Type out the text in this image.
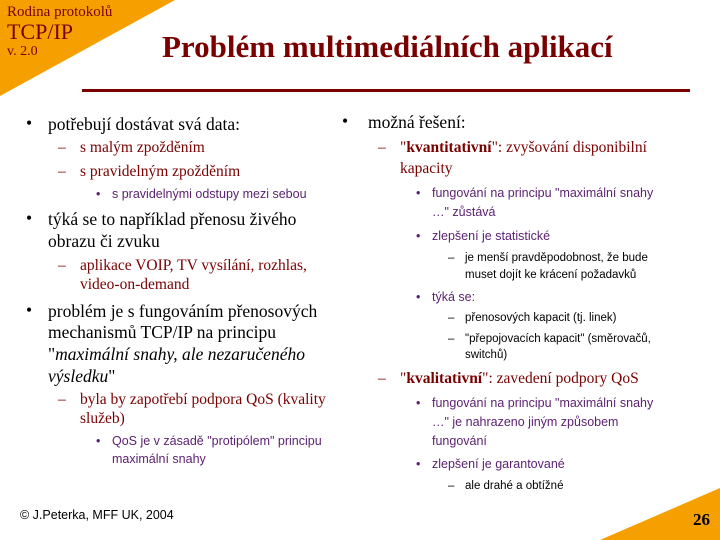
Rodina protokolů
TCP/IP
v. 2.0	Problém multimediálních aplikací
• potřebují dostávat svá data:
– s malým zpožděním
– s pravidelným zpožděním
• s pravidelnými odstupy mezi sebou
• týká se to například přenosu živého
obrazu či zvuku
– aplikace VOIP, TV vysílání, rozhlas,
video-on-demand
• problém je s fungováním přenosových
mechanismů TCP/IP na principu
"maximální snahy, ale nezaručeného
výsledku"
– byla by zapotřebí podpora QoS (kvality
služeb)
• QoS je v zásadě "protipólem" principu
maximální snahy
• možná řešení:
– "kvantitativní": zvyšování disponibilní
kapacity
• fungování na principu "maximální snahy
…" zůstává
• zlepšení je statistické
– je menší pravděpodobnost, že bude
muset dojít ke krácení požadavků
• týká se:
– přenosových kapacit (tj. linek)
– "přepojovacích kapacit" (směrovačů,
switchů)
– "kvalitativní": zavedení podpory QoS
• fungování na principu "maximální snahy
…" je nahrazeno jiným způsobem
fungování
• zlepšení je garantované
– ale drahé a obtížné
© J.Peterka, MFF UK, 2004	26
